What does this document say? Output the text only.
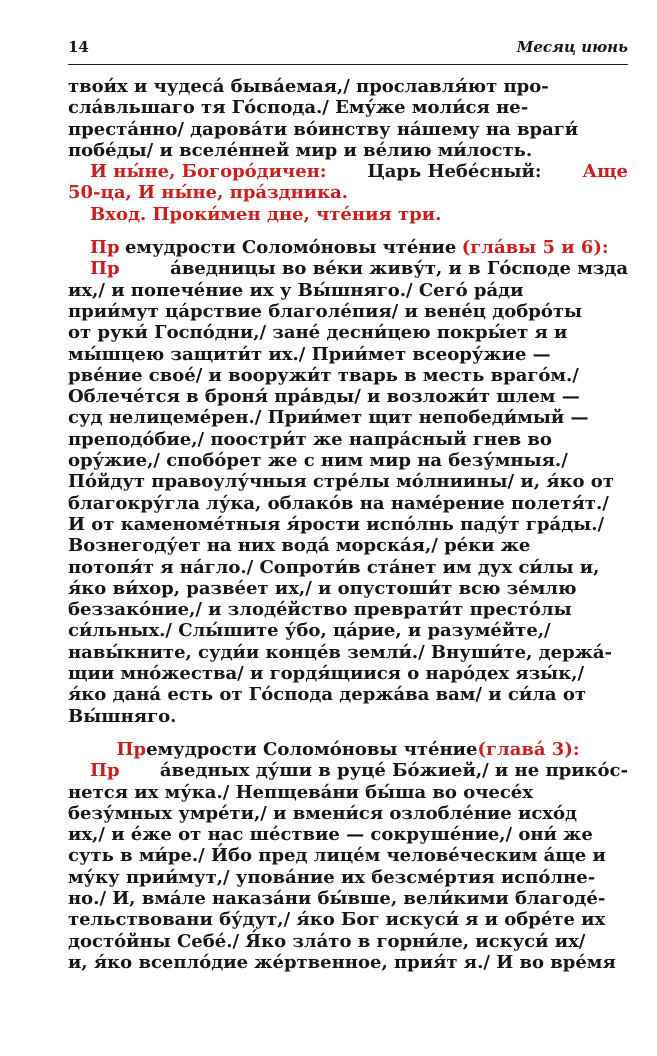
14	Месяц июнь
твои́х и чудеса́ быва́емая,/ прославля́ют про-
сла́вльшаго тя Го́спода./ Ему́же моли́ся не-
преста́нно/ дарова́ти во́инству на́шему на враги́
побе́ды/ и вселе́нней мир и ве́лию ми́лость.
И ны́не, Богоро́дичен: Царь Небе́сный: Аще
50-ца, И ны́не, пра́здника.
Вход. Проки́мен дне, чте́ния три.
Пр емудрости Соломо́новы чте́ние (гла́вы 5 и 6):
Пр	а́ведницы во ве́ки живу́т, и в Го́споде мзда
их,/ и попече́ние их у Вы́шняго./ Сего́ ра́ди
прии́мут ца́рствие благоле́пия/ и вене́ц добро́ты
от руки́ Госпо́дни,/ зане́ десни́цею покры́ет я и
мы́шцею защити́т их./ Прии́мет всеору́жие —
рве́ние свое́/ и вооружи́т тварь в месть враго́м./
Облече́тся в броня́ пра́вды/ и возложи́т шлем —
суд нелицеме́рен./ Прии́мет щит непобеди́мый —
преподо́бие,/ поостри́т же напра́сный гнев во
ору́жие,/ спобо́рет же с ним мир на безу́мныя./
По́йдут правоулу́чныя стре́лы мо́лниины/ и, я́ко от
благокру́гла лу́ка, облако́в на наме́рение полетя́т./
И от каменоме́тныя я́рости испо́лнь паду́т гра́ды./
Вознегоду́ет на них вода́ морска́я,/ ре́ки же
потопя́т я на́гло./ Сопроти́в ста́нет им дух си́лы и,
я́ко ви́хор, разве́ет их,/ и опустоши́т всю зе́млю
беззако́ние,/ и злоде́йство преврати́т престо́лы
си́льных./ Слы́шите у́бо, ца́рие, и разуме́йте,/
навы́кните, суди́и конце́в земли́./ Внуши́те, держа́-
щии мно́жества/ и гордя́щиися о наро́дех язы́к,/
я́ко дана́ есть от Го́спода держа́ва вам/ и си́ла от
Вы́шняго.
Пр емудрости Соломо́новы чте́ние (глава́ 3):
Пр а́ведных ду́ши в руце́ Бо́жией,/ и не прико́с-
нется их му́ка./ Непщева́ни бы́ша во очесе́х
безу́мных умре́ти,/ и вмени́ся озлобле́ние исхо́д
их,/ и е́же от нас ше́ствие — сокруше́ние,/ они́ же
суть в ми́ре./ И́бо пред лице́м челове́ческим а́ще и
му́ку прии́мут,/ упова́ние их безсме́ртия испо́лне-
но./ И, вма́ле наказа́ни бы́вше, вели́кими благоде́-
тельствовани бу́дут,/ я́ко Бог искуси́ я и обре́те их
досто́йны Себе́./ Я́ко зла́то в горни́ле, искуси́ их/
и, я́ко всепло́дие же́ртвенное, прия́т я./ И во вре́мя
